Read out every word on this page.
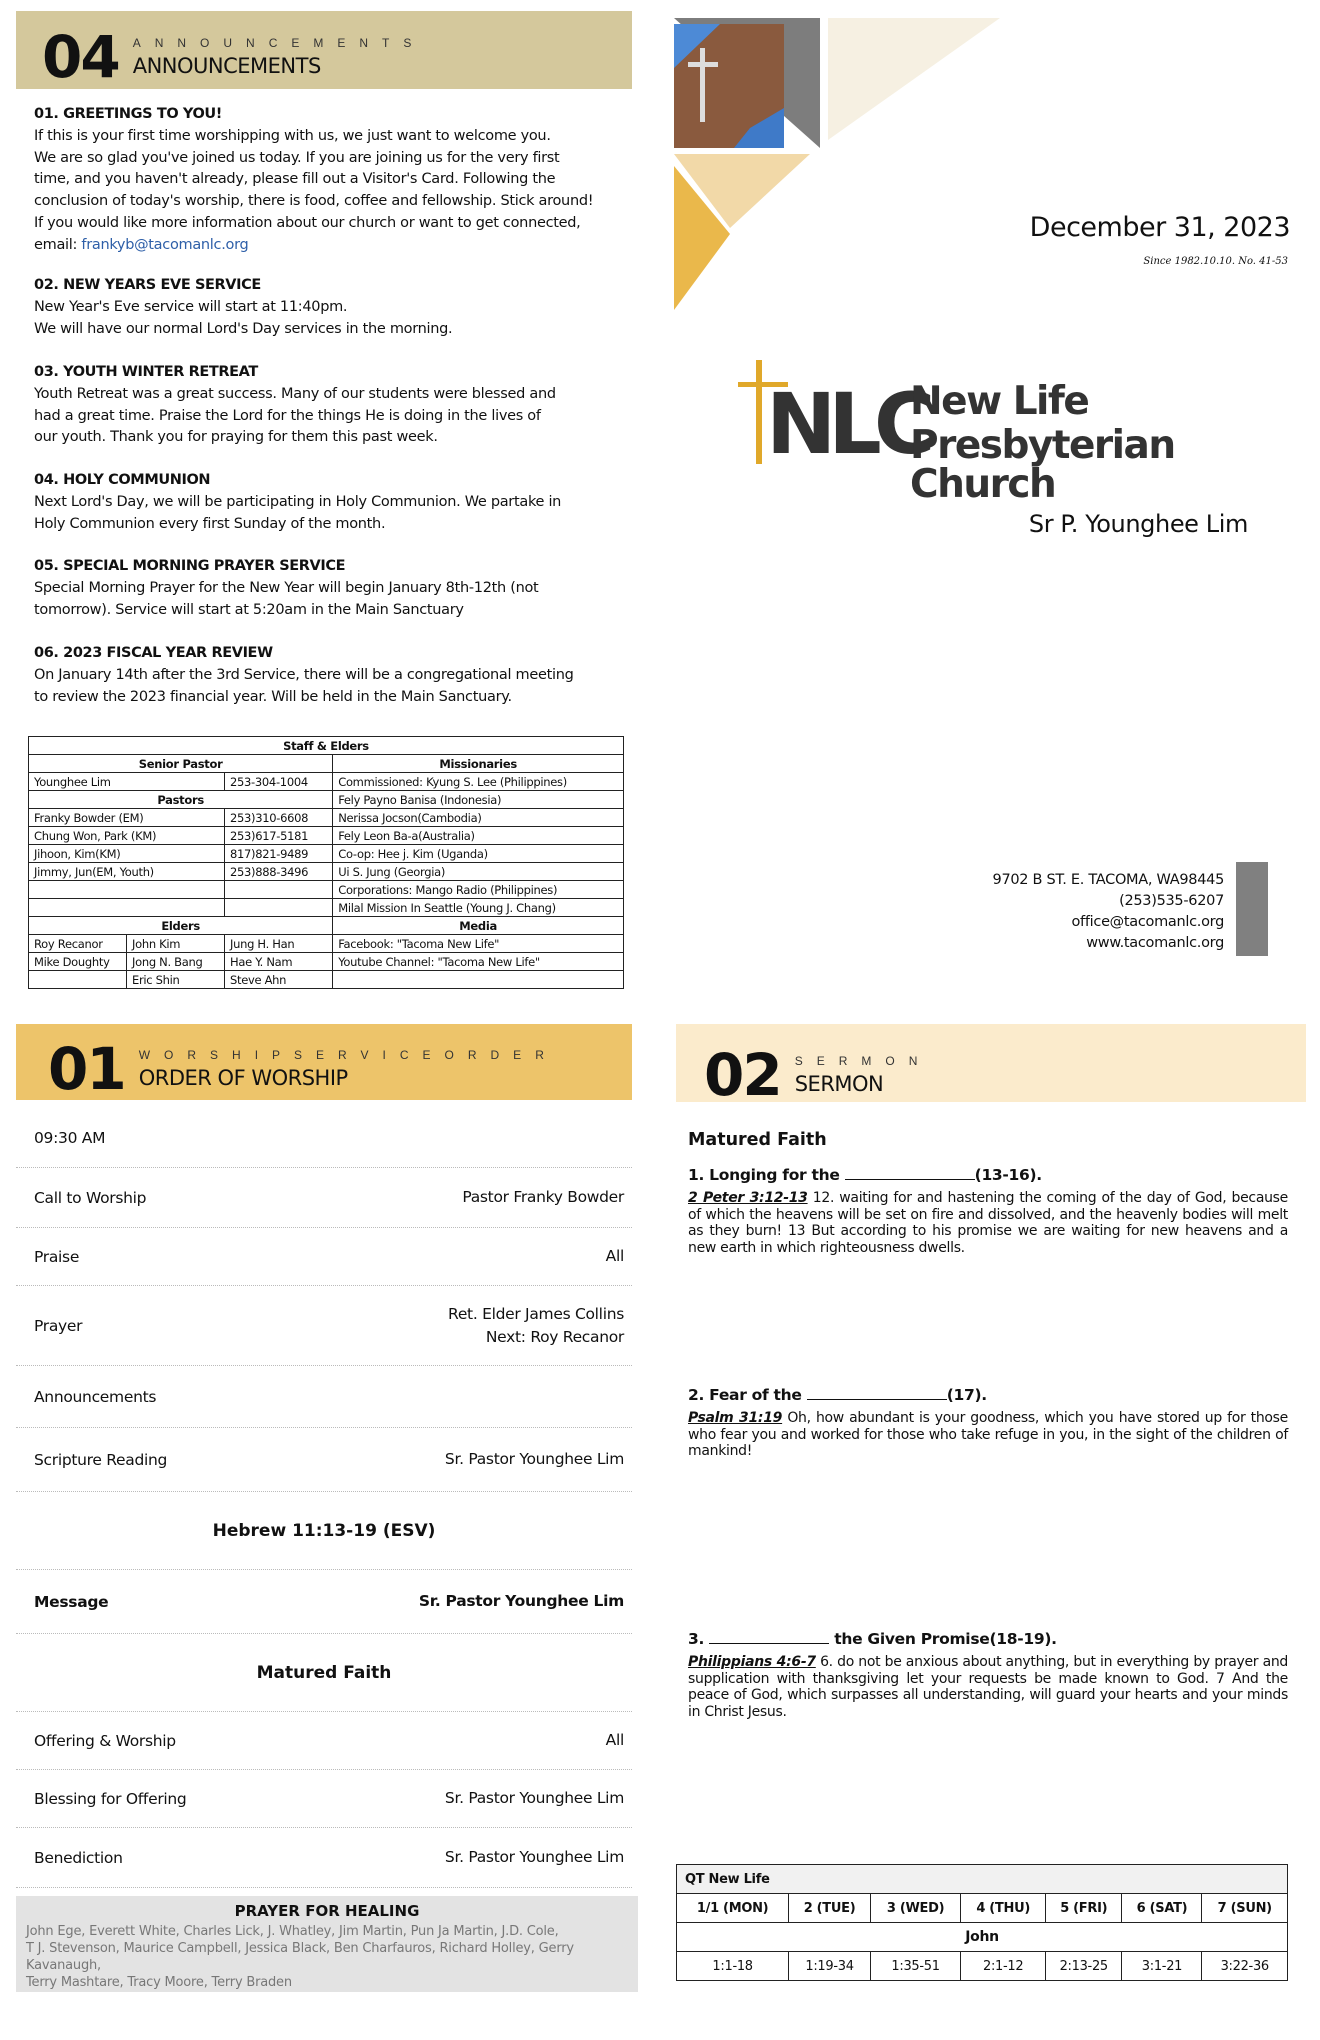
04 ANNOUNCEMENTS
ANNOUNCEMENTS
01. GREETINGS TO YOU!
If this is your first time worshipping with us, we just want to welcome you.
We are so glad you've joined us today. If you are joining us for the very first
time, and you haven't already, please fill out a Visitor's Card. Following the
conclusion of today's worship, there is food, coffee and fellowship. Stick around!
If you would like more information about our church or want to get connected,
email: frankyb@tacomanlc.org
02. NEW YEARS EVE SERVICE
New Year's Eve service will start at 11:40pm.
We will have our normal Lord's Day services in the morning.
03. YOUTH WINTER RETREAT
Youth Retreat was a great success. Many of our students were blessed and
had a great time. Praise the Lord for the things He is doing in the lives of
our youth. Thank you for praying for them this past week.
04. HOLY COMMUNION
Next Lord's Day, we will be participating in Holy Communion. We partake in
Holy Communion every first Sunday of the month.
05. SPECIAL MORNING PRAYER SERVICE
Special Morning Prayer for the New Year will begin January 8th-12th (not
tomorrow). Service will start at 5:20am in the Main Sanctuary
06. 2023 FISCAL YEAR REVIEW
On January 14th after the 3rd Service, there will be a congregational meeting
to review the 2023 financial year. Will be held in the Main Sanctuary.
Staff & Elders			
Senior Pastor			Missionaries
Younghee Lim		253-304-1004	Commissioned: Kyung S. Lee (Philippines)
Pastors			Fely Payno Banisa (Indonesia)
Franky Bowder (EM)		253)310-6608	Nerissa Jocson(Cambodia)
Chung Won, Park (KM)		253)617-5181	Fely Leon Ba-a(Australia)
Jihoon, Kim(KM)		817)821-9489	Co-op: Hee j. Kim (Uganda)
Jimmy, Jun(EM, Youth)		253)888-3496	Ui S. Jung (Georgia)
			Corporations: Mango Radio (Philippines)
			Milal Mission In Seattle (Young J. Chang)
Elders			Media
Roy Recanor	John Kim	Jung H. Han	Facebook: "Tacoma New Life"
Mike Doughty	Jong N. Bang	Hae Y. Nam	Youtube Channel: "Tacoma New Life"
	Eric Shin	Steve Ahn	
December 31, 2023
Since 1982.10.10. No. 41-53
NLC
New Life
Presbyterian Church
Sr P. Younghee Lim
9702 B ST. E. TACOMA, WA98445
(253)535-6207
office@tacomanlc.org
www.tacomanlc.org
01 WORSHIPSERVICEORDER
ORDER OF WORSHIP
09:30 AM
Call to Worship	Pastor Franky Bowder
Praise	All
Prayer
Ret. Elder James Collins
Next: Roy Recanor
Announcements
Scripture Reading	Sr. Pastor Younghee Lim
Hebrew 11:13-19 (ESV)
Message	Sr. Pastor Younghee Lim
Matured Faith
Offering & Worship	All
Blessing for Offering	Sr. Pastor Younghee Lim
Benediction	Sr. Pastor Younghee Lim
PRAYER FOR HEALING
John Ege, Everett White, Charles Lick, J. Whatley, Jim Martin, Pun Ja Martin, J.D. Cole,
T J. Stevenson, Maurice Campbell, Jessica Black, Ben Charfauros, Richard Holley, Gerry Kavanaugh,
Terry Mashtare, Tracy Moore, Terry Braden
02 SERMON
SERMON
Matured Faith
1. Longing for the	(13-16).
2 Peter 3:12-13 12. waiting for and hastening the coming of the day of God, because of which the heavens will be set on fire and dissolved, and the heavenly bodies will melt as they burn! 13 But according to his promise we are waiting for new heavens and a new earth in which righteousness dwells.
2. Fear of the	(17).
Psalm 31:19 Oh, how abundant is your goodness, which you have stored up for those who fear you and worked for those who take refuge in you, in the sight of the children of mankind!
3.	the Given Promise(18-19).
Philippians 4:6-7 6. do not be anxious about anything, but in everything by prayer and supplication with thanksgiving let your requests be made known to God. 7 And the peace of God, which surpasses all understanding, will guard your hearts and your minds in Christ Jesus.
QT New Life						
1/1 (MON)	2 (TUE)	3 (WED)	4 (THU)	5 (FRI)	6 (SAT)	7 (SUN)
John						
1:1-18	1:19-34	1:35-51	2:1-12	2:13-25	3:1-21	3:22-36
